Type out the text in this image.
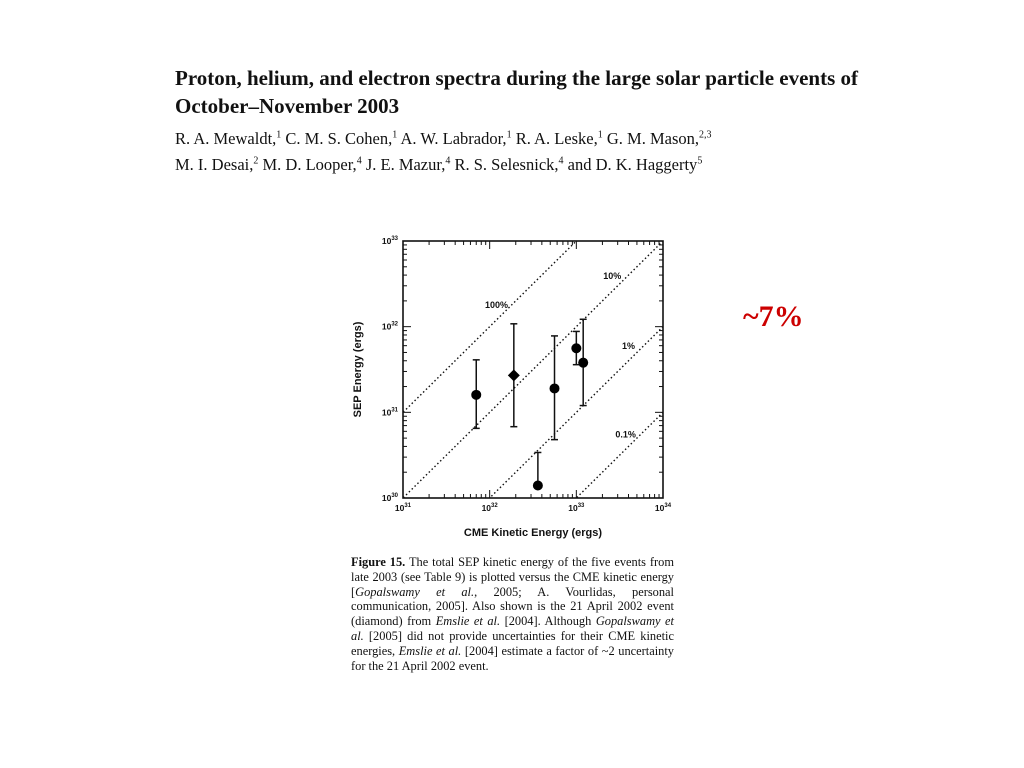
Proton, helium, and electron spectra during the large solar particle events of October–November 2003
R. A. Mewaldt,$^1$ C. M. S. Cohen,$^1$ A. W. Labrador,$^1$ R. A. Leske,$^1$ G. M. Mason,$^{2,3}$
M. I. Desai,$^2$ M. D. Looper,$^4$ J. E. Mazur,$^4$ R. S. Selesnick,$^4$ and D. K. Haggerty$^5$
$10^{31}$	$10^{32}$	$10^{33}$	$10^{34}$
$10^{30}$
$10^{31}$
$10^{32}$
$10^{33}$
CME Kinetic Energy (ergs)
SEP Energy (ergs)
100%
10%
1%
0.1%
~7%

Figure 15. The total SEP kinetic energy of the five events from late 2003 (see Table 9) is plotted versus the CME kinetic energy [Gopalswamy et al., 2005; A. Vourlidas, personal communication, 2005]. Also shown is the 21 April 2002 event (diamond) from Emslie et al. [2004]. Although Gopalswamy et al. [2005] did not provide uncertainties for their CME kinetic energies, Emslie et al. [2004] estimate a factor of ~2 uncertainty for the 21 April 2002 event.
